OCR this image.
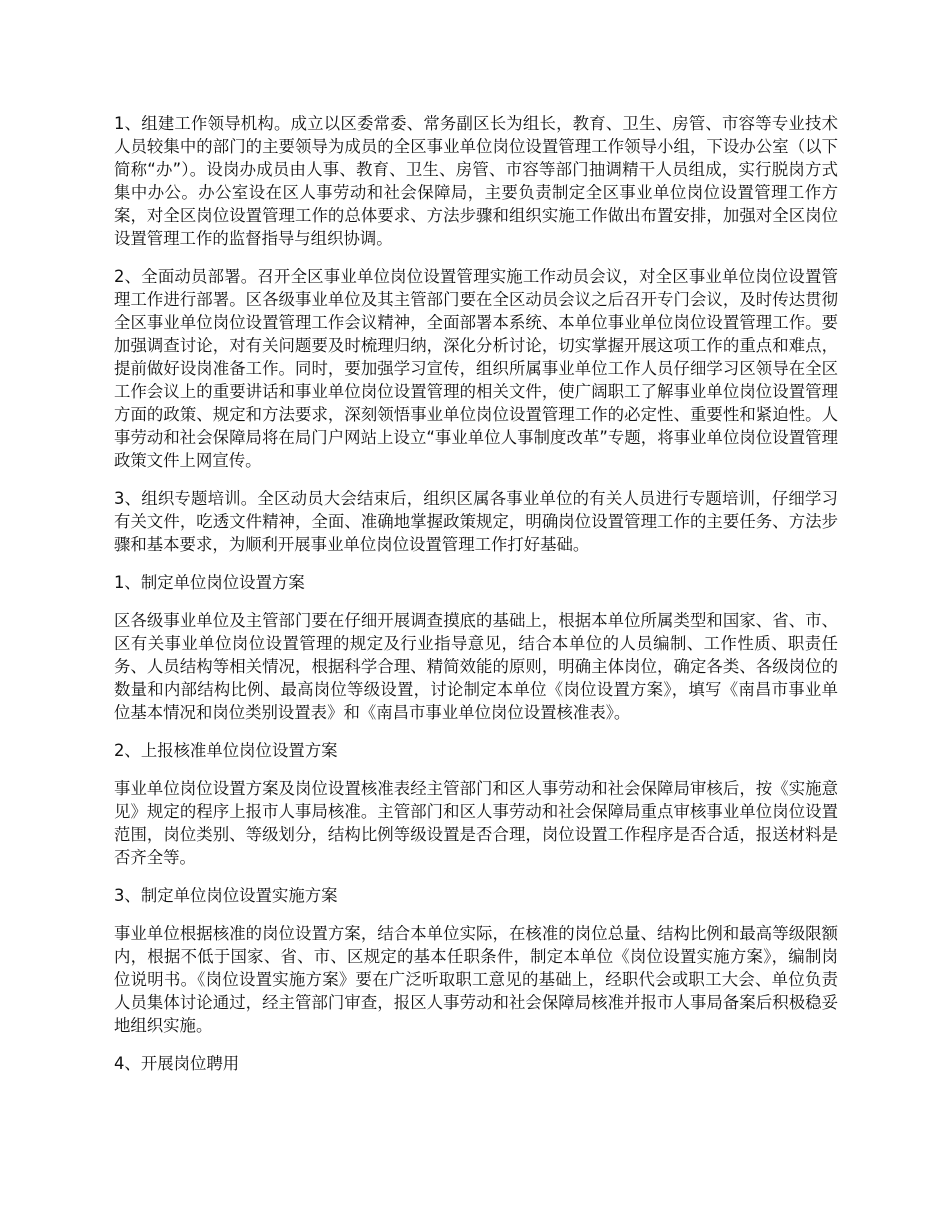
1、组建工作领导机构。成立以区委常委、常务副区长为组长，教育、卫生、房管、市容等专业技术人员较集中的部门的主要领导为成员的全区事业单位岗位设置管理工作领导小组，下设办公室（以下简称“办”）。设岗办成员由人事、教育、卫生、房管、市容等部门抽调精干人员组成，实行脱岗方式集中办公。办公室设在区人事劳动和社会保障局，主要负责制定全区事业单位岗位设置管理工作方案，对全区岗位设置管理工作的总体要求、方法步骤和组织实施工作做出布置安排，加强对全区岗位设置管理工作的监督指导与组织协调。

2、全面动员部署。召开全区事业单位岗位设置管理实施工作动员会议，对全区事业单位岗位设置管理工作进行部署。区各级事业单位及其主管部门要在全区动员会议之后召开专门会议，及时传达贯彻全区事业单位岗位设置管理工作会议精神，全面部署本系统、本单位事业单位岗位设置管理工作。要加强调查讨论，对有关问题要及时梳理归纳，深化分析讨论，切实掌握开展这项工作的重点和难点，提前做好设岗准备工作。同时，要加强学习宣传，组织所属事业单位工作人员仔细学习区领导在全区工作会议上的重要讲话和事业单位岗位设置管理的相关文件，使广阔职工了解事业单位岗位设置管理方面的政策、规定和方法要求，深刻领悟事业单位岗位设置管理工作的必定性、重要性和紧迫性。人事劳动和社会保障局将在局门户网站上设立“事业单位人事制度改革”专题，将事业单位岗位设置管理政策文件上网宣传。

3、组织专题培训。全区动员大会结束后，组织区属各事业单位的有关人员进行专题培训，仔细学习有关文件，吃透文件精神，全面、准确地掌握政策规定，明确岗位设置管理工作的主要任务、方法步骤和基本要求，为顺利开展事业单位岗位设置管理工作打好基础。

1、制定单位岗位设置方案

区各级事业单位及主管部门要在仔细开展调查摸底的基础上，根据本单位所属类型和国家、省、市、区有关事业单位岗位设置管理的规定及行业指导意见，结合本单位的人员编制、工作性质、职责任务、人员结构等相关情况，根据科学合理、精简效能的原则，明确主体岗位，确定各类、各级岗位的数量和内部结构比例、最高岗位等级设置，讨论制定本单位《岗位设置方案》，填写《南昌市事业单位基本情况和岗位类别设置表》和《南昌市事业单位岗位设置核准表》。

2、上报核准单位岗位设置方案

事业单位岗位设置方案及岗位设置核准表经主管部门和区人事劳动和社会保障局审核后，按《实施意见》规定的程序上报市人事局核准。主管部门和区人事劳动和社会保障局重点审核事业单位岗位设置范围，岗位类别、等级划分，结构比例等级设置是否合理，岗位设置工作程序是否合适，报送材料是否齐全等。

3、制定单位岗位设置实施方案

事业单位根据核准的岗位设置方案，结合本单位实际，在核准的岗位总量、结构比例和最高等级限额内，根据不低于国家、省、市、区规定的基本任职条件，制定本单位《岗位设置实施方案》，编制岗位说明书。《岗位设置实施方案》要在广泛听取职工意见的基础上，经职代会或职工大会、单位负责人员集体讨论通过，经主管部门审查，报区人事劳动和社会保障局核准并报市人事局备案后积极稳妥地组织实施。

4、开展岗位聘用
